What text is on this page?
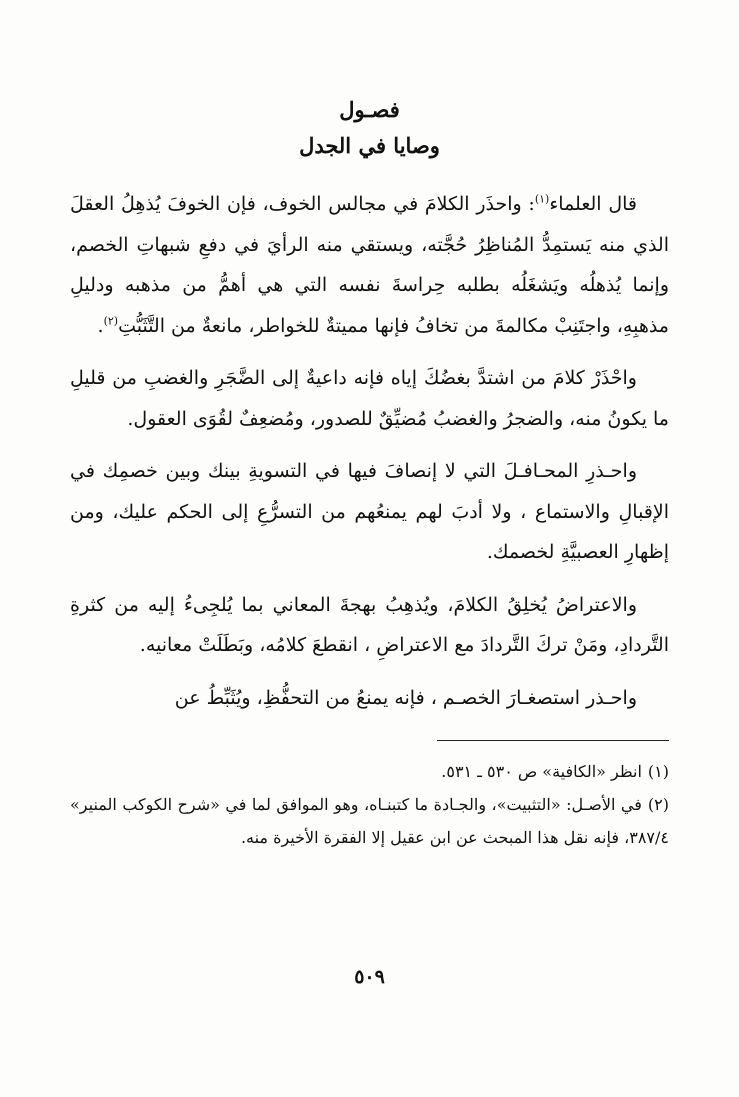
فصـول
وصايا في الجدل

قال العلماء$^{(١)}$: واحذَر الكلامَ في مجالس الخوف، فإن الخوفَ يُذهِلُ العقلَ الذي منه يَستمِدُّ المُناظِرُ حُجَّته، ويستقي منه الرأيَ في دفعِ شبهاتِ الخصم، وإنما يُذهلُه ويَشغَلُه بطلبه حِراسةَ نفسه التي هي أهمُّ من مذهبه ودليلِ مذهبِهِ، واجتَنِبْ مكالمةَ من تخافُ فإنها مميتةٌ للخواطر، مانعةٌ من التَّثَبُّتِ$^{(٢)}$.

واحْذَرْ كلامَ من اشتدَّ بغضُكَ إياه فإنه داعيةٌ إلى الضَّجَرِ والغضبِ من قليلِ ما يكونُ منه، والضجرُ والغضبُ مُضيِّقٌ للصدور، ومُضعِفٌ لقُوَى العقول.

واحـذرِ المحـافـلَ التي لا إنصافَ فيها في التسويةِ بينك وبين خصمِك في الإقبالِ والاستماع ، ولا أدبَ لهم يمنعُهم من التسرُّعِ إلى الحكم عليك، ومن إظهارِ العصبيَّةِ لخصمك.

والاعتراضُ يُخلِقُ الكلامَ، ويُذهِبُ بهجةَ المعاني بما يُلجِىءُ إليه من كثرةِ التَّردادِ، ومَنْ تركَ التَّردادَ مع الاعتراضِ ، انقطعَ كلامُه، وبَطَلَتْ معانيه.

واحـذر استصغـارَ الخصـم ، فإنه يمنعُ من التحفُّظِ، ويُثَبِّطُ عن

(١)انظر «الكافية» ص ٥٣٠ ـ ٥٣١.

(٢)في الأصـل: «التثبيت»، والجـادة ما كتبنـاه، وهو الموافق لما في «شرح الكوكب المنير» ٣٨٧/٤، فإنه نقل هذا المبحث عن ابن عقيل إلا الفقرة الأخيرة منه.

٥٠٩
